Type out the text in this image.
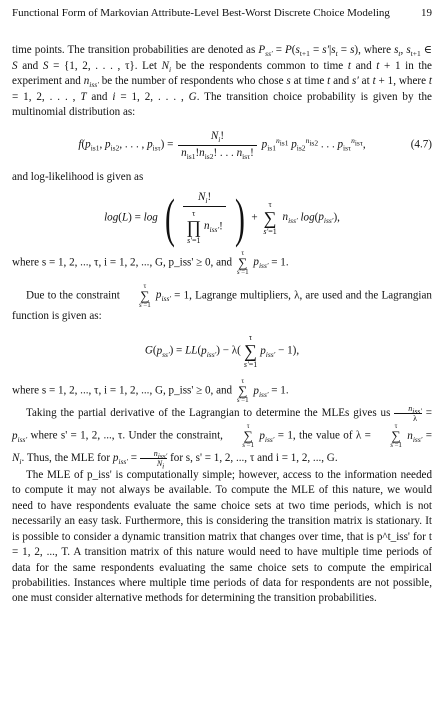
Functional Form of Markovian Attribute-Level Best-Worst Discrete Choice Modeling	19

time points. The transition probabilities are denoted as $P_{ss'} = P(s_{t+1} = s'|s_t = s)$, where $s_t$, $s_{t+1}$ ∈ S and S = {1, 2, . . . , τ}. Let $N_i$ be the respondents common to time t and t + 1 in the experiment and $n_{iss'}$ be the number of respondents who chose s at time t and s′ at t + 1, where t = 1, 2, . . . , T and i = 1, 2, . . . , G. The transition choice probability is given by the multinomial distribution as:

$f(p_{is1}$, $p_{is2}$, . . . , $p_{is\tau}) = \frac{N_i!}{n_{is1}!n_{is2}! . . . n_{is\tau}!} p_{is1}^{n_{is1}}$ $p_{is2}^{n_{is2}}$ . . . $p_{is\tau}^{n_{is\tau}}$,	(4.7)

and log-likelihood is given as

log(L) = log ( $N_i$!
τ
∏
s′=1
$n_{iss'}$! ) +
τ
∑
s′=1
$n_{iss'}$ $\log(p_{iss'})$,

where s = 1, 2, ..., τ, i = 1, 2, ..., G, p_iss' ≥ 0, and
τ
∑
s′=1
$p_{iss'} = 1$.

Due to the constraint
τ
∑
s′=1
$p_{iss'} = 1$, Lagrange multipliers, λ, are used and the Lagrangian function is given as:

$G(p_{ss'}) = LL(p_{iss'}) - \lambda$(
τ
∑
s′=1
$p_{iss'} - 1$),

where s = 1, 2, ..., τ, i = 1, 2, ..., G, p_iss' ≥ 0, and
τ
∑
s′=1
$p_{iss'} = 1$.

Taking the partial derivative of the Lagrangian to determine the MLEs gives us	$n_{iss'}$
$\lambda = p_{iss'}$ where s' = 1, 2, ..., τ. Under the constraint,
τ
∑
s′=1
$p_{iss'} = 1$, the value of λ =
τ
∑
s′=1
$n_{iss'} = N_i$. Thus, the MLE for $p_{iss'}$ =	$n_{iss'}$
$N_i$
for s, s' = 1, 2, ..., τ and i = 1, 2, ..., G.

The MLE of p_iss' is computationally simple; however, access to the information needed to compute it may not always be available. To compute the MLE of this nature, we would need to have respondents evaluate the same choice sets at two time periods, which is not necessarily an easy task. Furthermore, this is considering the transition matrix is stationary. It is possible to consider a dynamic transition matrix that changes over time, that is p^t_iss' for t = 1, 2, ..., T. A transition matrix of this nature would need to have multiple time periods of data for the same respondents evaluating the same choice sets to compute the empirical probabilities. Instances where multiple time periods of data for respondents are not possible, one must consider alternative methods for determining the transition probabilities.
